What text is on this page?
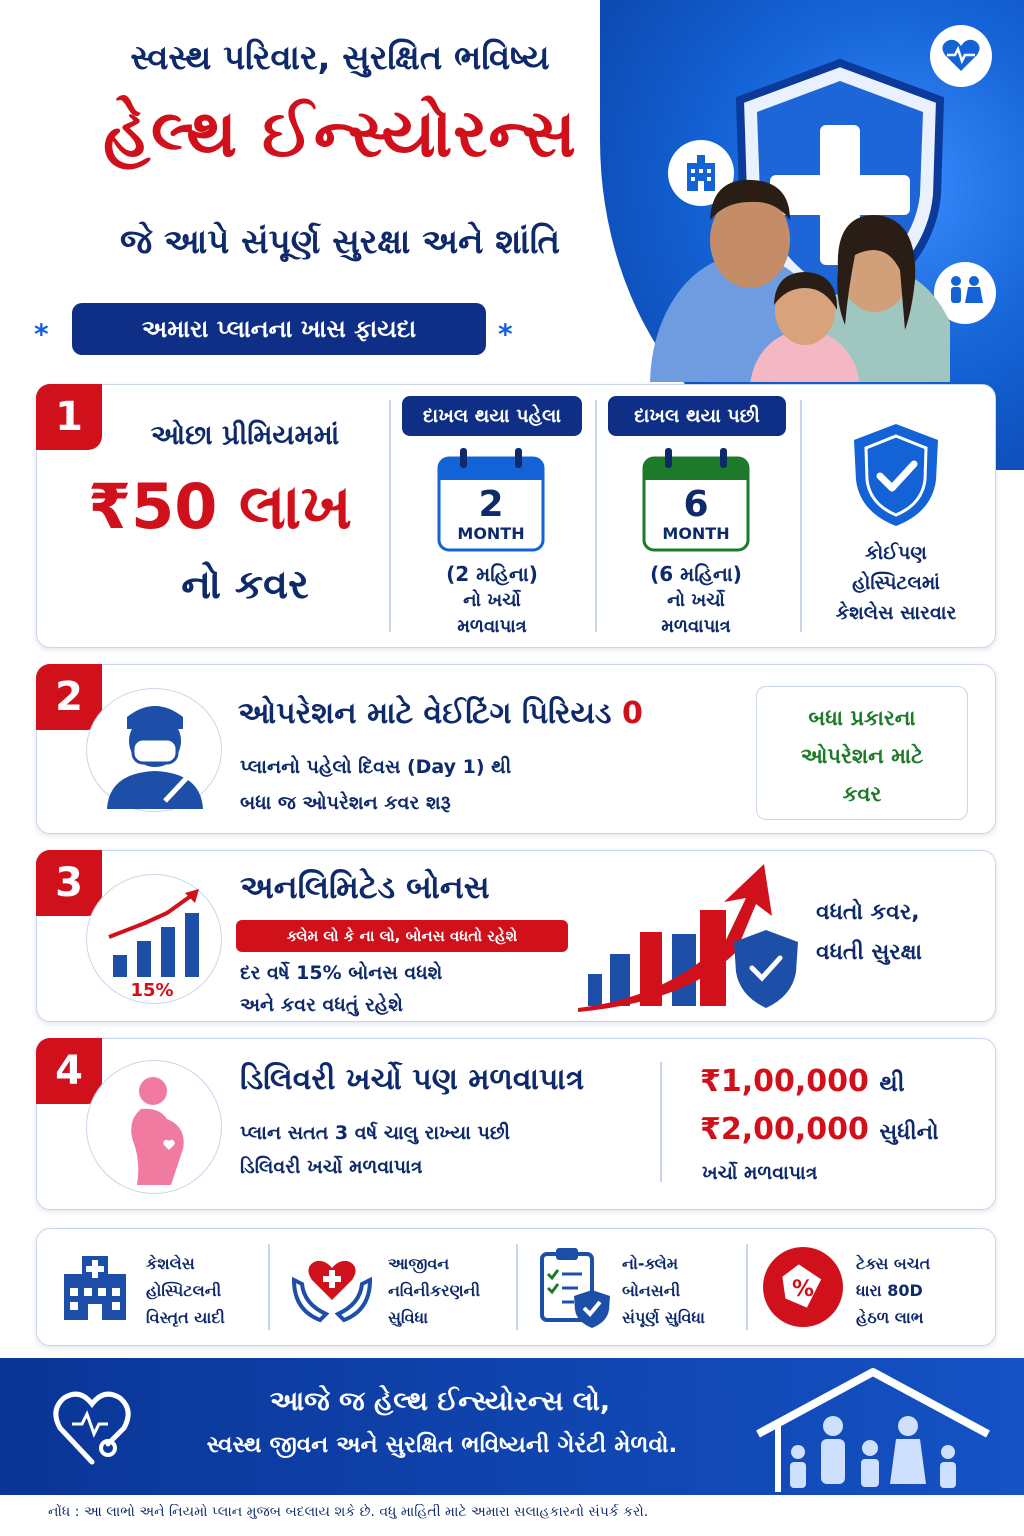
સ્વસ્થ પરિવાર, સુરક્ષિત ભવિષ્ય
હેલ્થ ઈન્સ્યોરન્સ
જે આપે સંપૂર્ણ સુરક્ષા અને શાંતિ
⁎	અમારા પ્લાનના ખાસ ફાયદા	⁎
1	ઓછા પ્રીમિયમમાં
₹50 લાખ
નો કવર
દાખલ થયા પહેલા
2
MONTH
(2 મહિના)
નો ખર્ચો
મળવાપાત્ર
દાખલ થયા પછી
6
MONTH
(6 મહિના)
નો ખર્ચો
મળવાપાત્ર
કોઈપણ
હોસ્પિટલમાં
કેશલેસ સારવાર
2	ઓપરેશન માટે વેઈટિંગ પિરિયડ 0
પ્લાનનો પહેલો દિવસ (Day 1) થી
બધા જ ઓપરેશન કવર શરૂ
બધા પ્રકારના
ઓપરેશન માટે
કવર
3
15%
અનલિમિટેડ બોનસ
ક્લેમ લો કે ના લો, બોનસ વધતો રહેશે
દર વર્ષે 15% બોનસ વધશે
અને કવર વધતું રહેશે
વધતો કવર,
વધતી સુરક્ષા
4	ડિલિવરી ખર્ચો પણ મળવાપાત્ર
પ્લાન સતત 3 વર્ષ ચાલુ રાખ્યા પછી
ડિલિવરી ખર્ચો મળવાપાત્ર
₹1,00,000 થી
₹2,00,000 સુધીનો
ખર્ચો મળવાપાત્ર
કેશલેસ
હોસ્પિટલની
વિસ્તૃત યાદી
આજીવન
નવિનીકરણની
સુવિધા
નો-ક્લેમ
બોનસની
સંપૂર્ણ સુવિધા
%
ટેક્સ બચત
ધારા 80D
હેઠળ લાભ
આજે જ હેલ્થ ઈન્સ્યોરન્સ લો,
સ્વસ્થ જીવન અને સુરક્ષિત ભવિષ્યની ગેરંટી મેળવો.
નોંધ : આ લાભો અને નિયમો પ્લાન મુજબ બદલાય શકે છે. વધુ માહિતી માટે અમારા સલાહકારનો સંપર્ક કરો.
